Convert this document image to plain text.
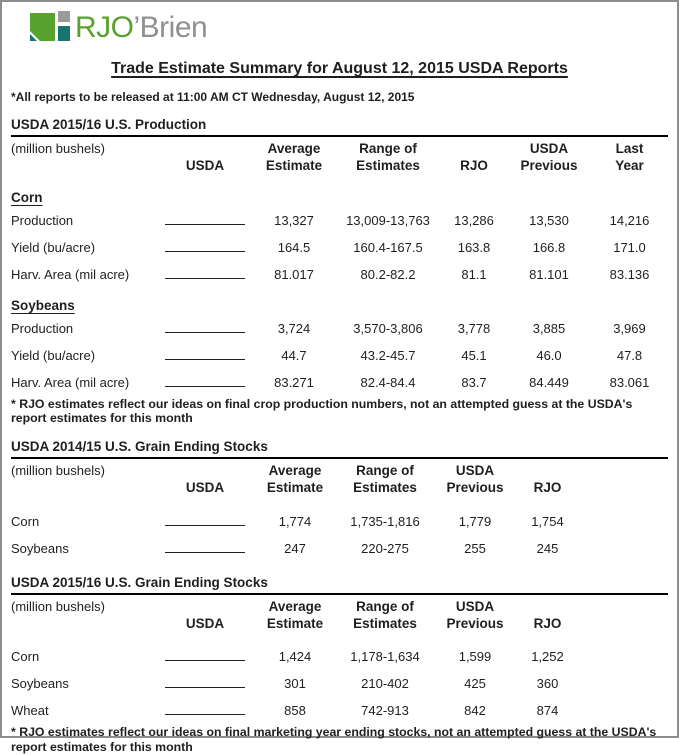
RJO’Brien
Trade Estimate Summary for August 12, 2015 USDA Reports
*All reports to be released at 11:00 AM CT Wednesday, August 12, 2015
USDA 2015/16 U.S. Production
(million bushels)	USDA	Average Estimate	Range of Estimates	RJO	USDA Previous	Last Year

Corn						
Production		13,327	13,009-13,763	13,286	13,530	14,216
Yield (bu/acre)		164.5	160.4-167.5	163.8	166.8	171.0
Harv. Area (mil acre)		81.017	80.2-82.2	81.1	81.101	83.136
Soybeans						
Production		3,724	3,570-3,806	3,778	3,885	3,969
Yield (bu/acre)		44.7	43.2-45.7	45.1	46.0	47.8
Harv. Area (mil acre)		83.271	82.4-84.4	83.7	84.449	83.061
* RJO estimates reflect our ideas on final crop production numbers, not an attempted guess at the USDA's report estimates for this month
USDA 2014/15 U.S. Grain Ending Stocks
(million bushels)	USDA	Average Estimate	Range of Estimates	USDA Previous	RJO

Corn		1,774	1,735-1,816	1,779	1,754
Soybeans		247	220-275	255	245
USDA 2015/16 U.S. Grain Ending Stocks
(million bushels)	USDA	Average Estimate	Range of Estimates	USDA Previous	RJO

Corn		1,424	1,178-1,634	1,599	1,252
Soybeans		301	210-402	425	360
Wheat		858	742-913	842	874
* RJO estimates reflect our ideas on final marketing year ending stocks, not an attempted guess at the USDA's report estimates for this month
